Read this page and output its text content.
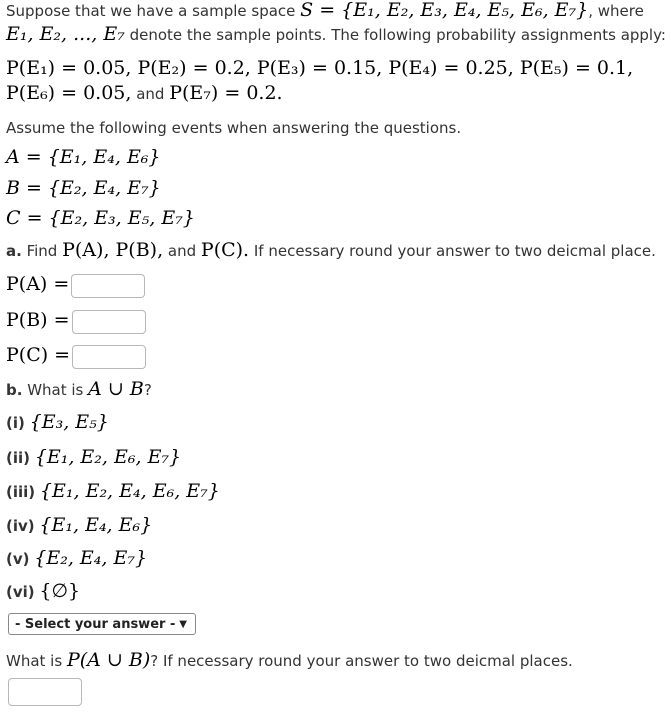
Suppose that we have a sample space S = {E₁, E₂, E₃, E₄, E₅, E₆, E₇}, where
E₁, E₂, ..., E₇ denote the sample points. The following probability assignments apply:
P(E₁) = 0.05, P(E₂) = 0.2, P(E₃) = 0.15, P(E₄) = 0.25, P(E₅) = 0.1,
P(E₆) = 0.05, and P(E₇) = 0.2.
Assume the following events when answering the questions.
A = {E₁, E₄, E₆}
B = {E₂, E₄, E₇}
C = {E₂, E₃, E₅, E₇}
a. Find P(A), P(B), and P(C). If necessary round your answer to two deicmal place.
P(A) =
P(B) =
P(C) =
b. What is A ∪ B?
(i) {E₃, E₅}
(ii) {E₁, E₂, E₆, E₇}
(iii) {E₁, E₂, E₄, E₆, E₇}
(iv) {E₁, E₄, E₆}
(v) {E₂, E₄, E₇}
(vi) {∅}
- Select your answer - ▼
What is P(A ∪ B)? If necessary round your answer to two deicmal places.
